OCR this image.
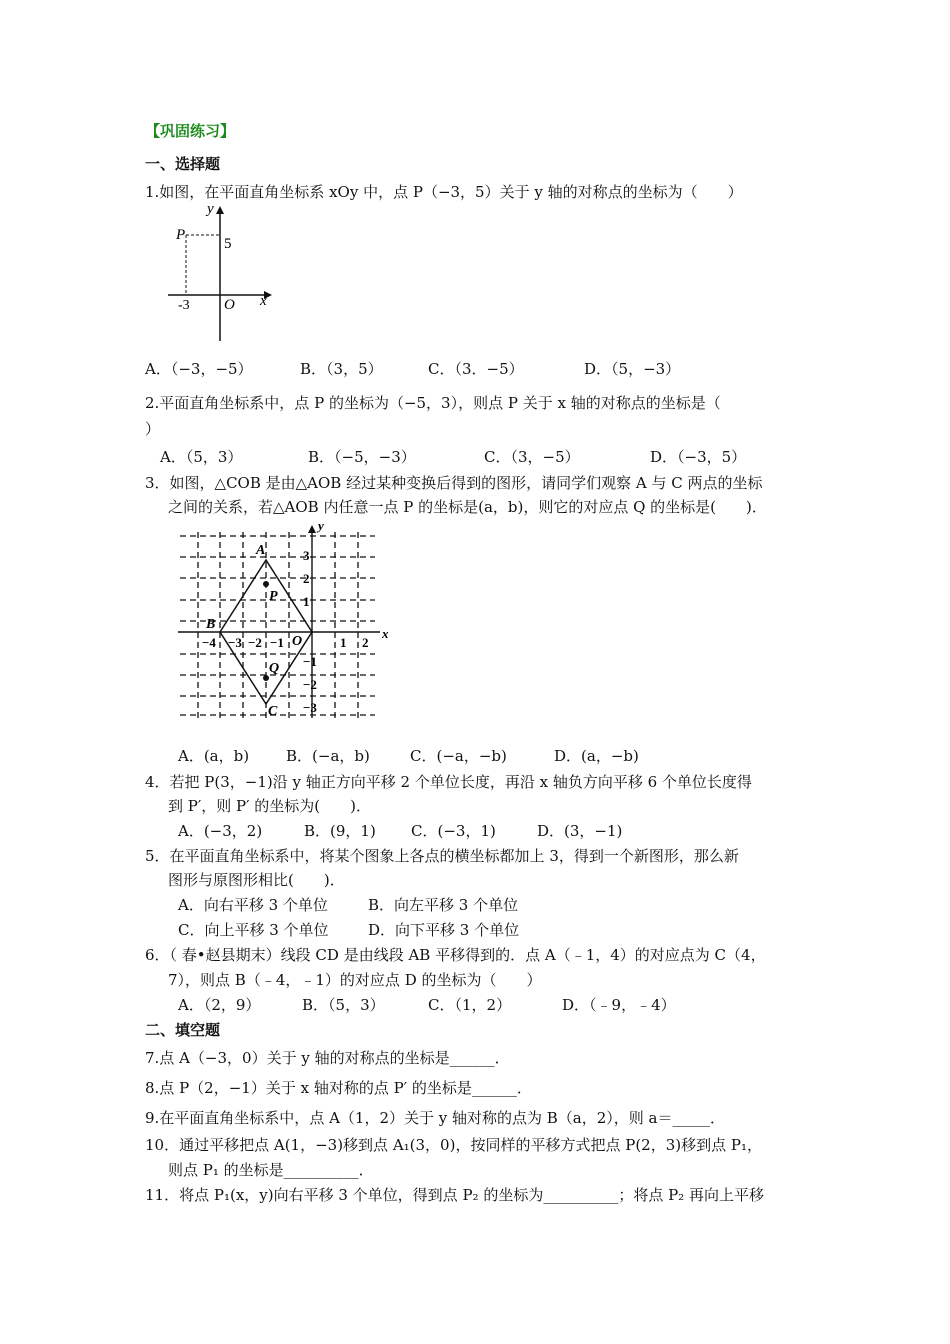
【巩固练习】
一、选择题
1.如图，在平面直角坐标系 xOy 中，点 P（−3，5）关于 y 轴的对称点的坐标为（　　）
y
x
P
5
-3 O
A．（−3，−5）	B．（3，5）	C．（3．−5）	D．（5，−3）
2.平面直角坐标系中，点 P 的坐标为（−5，3），则点 P 关于 x 轴的对称点的坐标是（
）
A．（5，3）	B．（−5，−3）	C．（3，−5）	D．（−3，5）
3．如图，△COB 是由△AOB 经过某种变换后得到的图形，请同学们观察 A 与 C 两点的坐标
之间的关系，若△AOB 内任意一点 P 的坐标是(a，b)，则它的对应点 Q 的坐标是(　　)．
A
B
C
O
P
Q
x
y
3
2
1
−1
−2
−3
−4 −3 −2 −1	1 2
A．(a，b) B．(−a，b)	C．(−a，−b)	D．(a，−b)
4．若把 P(3，−1)沿 y 轴正方向平移 2 个单位长度，再沿 x 轴负方向平移 6 个单位长度得
到 P′，则 P′ 的坐标为(　　)．
A．(−3，2)	B．(9，1) C．(−3，1)	D．(3，−1)
5．在平面直角坐标系中，将某个图象上各点的横坐标都加上 3，得到一个新图形，那么新
图形与原图形相比(　　)．
A．向右平移 3 个单位	B．向左平移 3 个单位
C．向上平移 3 个单位	D．向下平移 3 个单位
6．（ 春•赵县期末）线段 CD 是由线段 AB 平移得到的．点 A（﹣1，4）的对应点为 C（4，
7），则点 B（﹣4，﹣1）的对应点 D 的坐标为（　　）
A．（2，9）	B．（5，3）	C．（1，2）	D．（﹣9，﹣4）
二、填空题
7.点 A（−3，0）关于 y 轴的对称点的坐标是______．
8.点 P（2，−1）关于 x 轴对称的点 P′ 的坐标是______．
9.在平面直角坐标系中，点 A（1，2）关于 y 轴对称的点为 B（a，2），则 a＝_____．
10．通过平移把点 A(1，−3)移到点 A₁(3，0)，按同样的平移方式把点 P(2，3)移到点 P₁，
则点 P₁ 的坐标是__________．
11．将点 P₁(x，y)向右平移 3 个单位，得到点 P₂ 的坐标为__________；将点 P₂ 再向上平移
